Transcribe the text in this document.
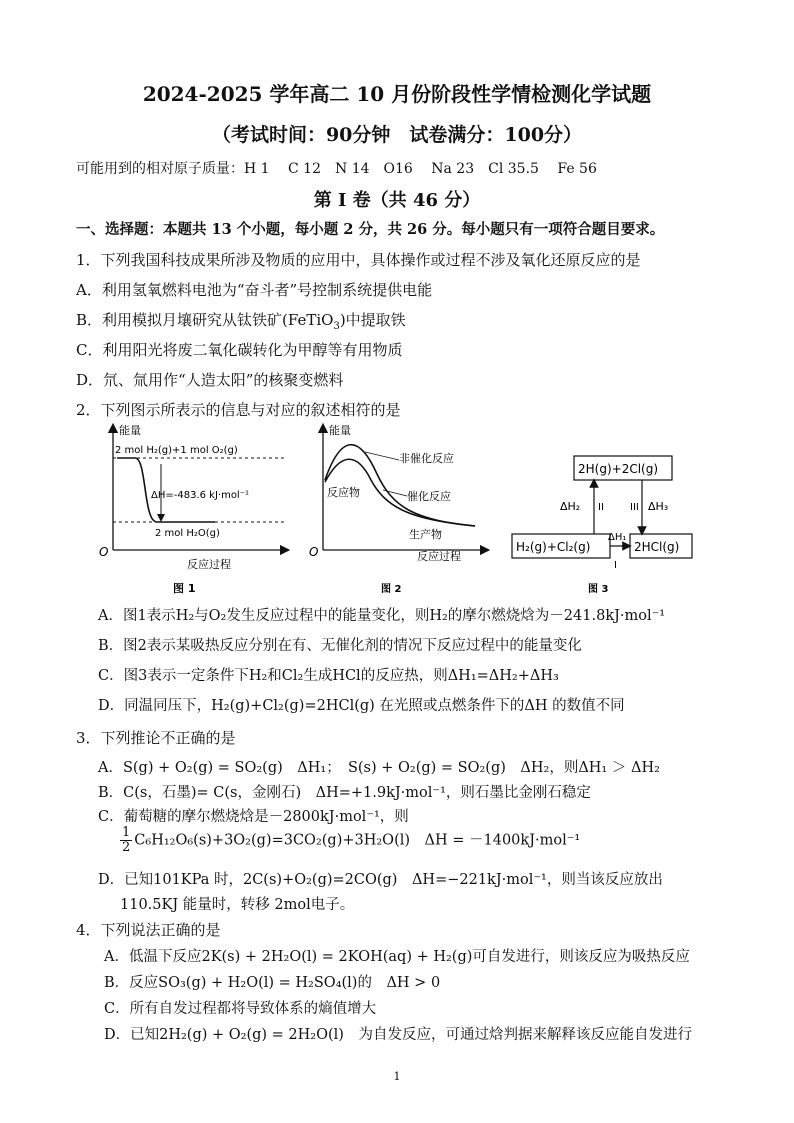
2024-2025 学年高二 10 月份阶段性学情检测化学试题
（考试时间：90分钟　试卷满分：100分）
可能用到的相对原子质量：H 1　 C 12　N 14　O16　 Na 23　Cl 35.5　 Fe 56
第 I 卷（共 46 分）
一、选择题：本题共 13 个小题，每小题 2 分，共 26 分。每小题只有一项符合题目要求。
1．下列我国科技成果所涉及物质的应用中，具体操作或过程不涉及氧化还原反应的是
A．利用氢氧燃料电池为“奋斗者”号控制系统提供电能
B．利用模拟月壤研究从钛铁矿(FeTiO$_3$)中提取铁
C．利用阳光将废二氧化碳转化为甲醇等有用物质
D．氘、氚用作“人造太阳”的核聚变燃料
2．下列图示所表示的信息与对应的叙述相符的是
能量
O
反应过程
2 mol H₂(g)+1 mol O₂(g)
ΔH=-483.6 kJ·mol⁻¹
2 mol H₂O(g)
图 1
能量
O	反应过程
非催化反应
催化反应
反应物
生产物
图 2
2H(g)+2Cl(g)
H₂(g)+Cl₂(g)	2HCl(g)
ΔH₂ II	III ΔH₃
ΔH₁
I
图 3
A．图1表示H₂与O₂发生反应过程中的能量变化，则H₂的摩尔燃烧焓为－241.8kJ·mol⁻¹
B．图2表示某吸热反应分别在有、无催化剂的情况下反应过程中的能量变化
C．图3表示一定条件下H₂和Cl₂生成HCl的反应热，则ΔH₁=ΔH₂+ΔH₃
D．同温同压下，H₂(g)+Cl₂(g)=2HCl(g) 在光照或点燃条件下的ΔH 的数值不同
3．下列推论不正确的是
A．S(g) + O₂(g) = SO₂(g)　ΔH₁；　S(s) + O₂(g) = SO₂(g)　ΔH₂，则ΔH₁ ＞ ΔH₂
B．C(s，石墨)= C(s，金刚石)　ΔH=+1.9kJ·mol⁻¹，则石墨比金刚石稳定
C．葡萄糖的摩尔燃烧焓是－2800kJ·mol⁻¹，则
$\frac{1}{2} C_6H_{12}O_6(s)+3O_2(g)=3CO_2(g)+3H_2O(l)$　ΔH = －1400kJ·mol⁻¹
D．已知101KPa 时，2C(s)+O₂(g)=2CO(g)　ΔH=−221kJ·mol⁻¹，则当该反应放出
110.5KJ 能量时，转移 2mol电子。
4．下列说法正确的是
A．低温下反应2K(s) + 2H₂O(l) = 2KOH(aq) + H₂(g)可自发进行，则该反应为吸热反应
B．反应SO₃(g) + H₂O(l) = H₂SO₄(l)的　ΔH > 0
C．所有自发过程都将导致体系的熵值增大
D．已知2H₂(g) + O₂(g) = 2H₂O(l)　为自发反应，可通过焓判据来解释该反应能自发进行
1
